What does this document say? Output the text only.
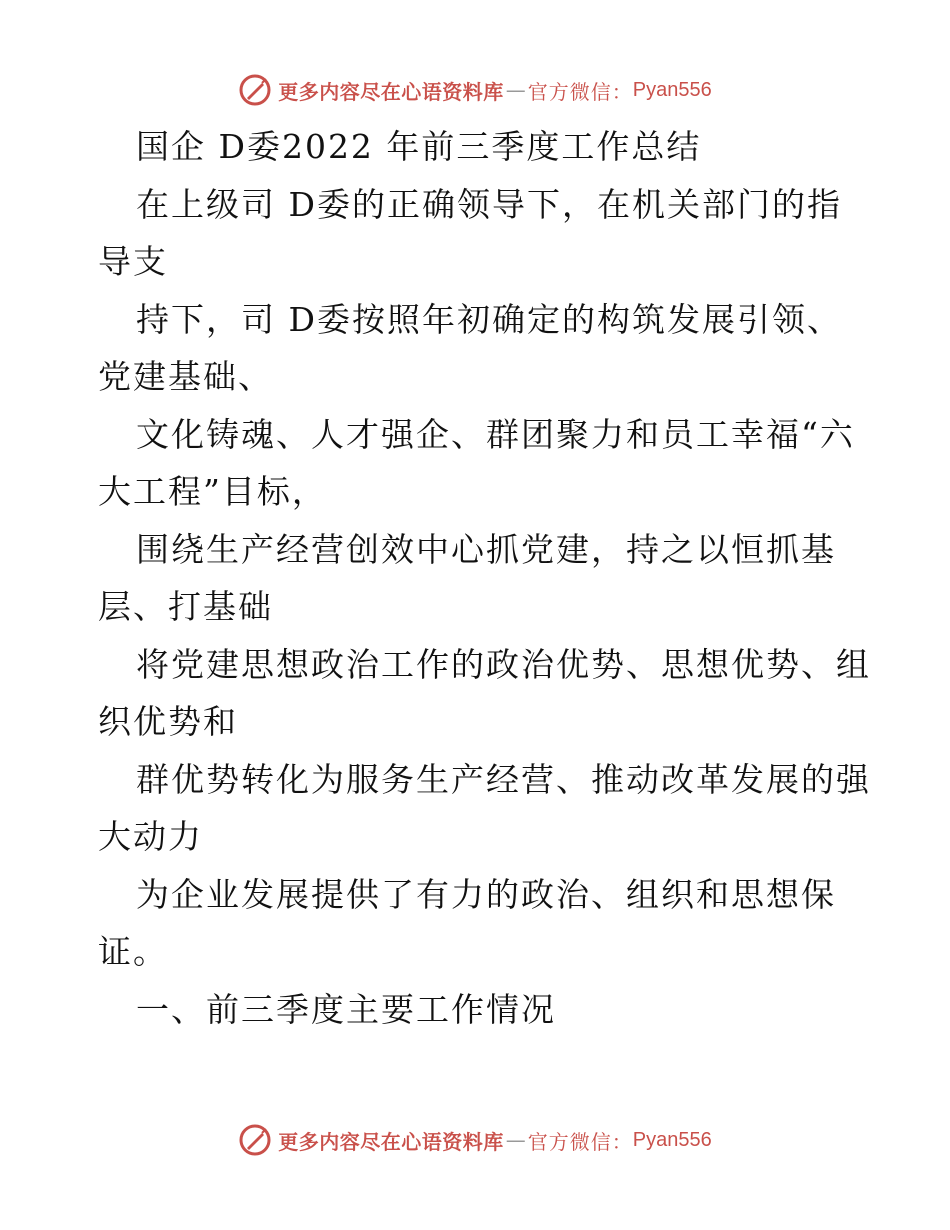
更多内容尽在心语资料库 — 官方微信： Pyan556
国企 D委2022 年前三季度工作总结
在上级司 D委的正确领导下，在机关部门的指
导支
持下，司 D委按照年初确定的构筑发展引领、
党建基础、
文化铸魂、人才强企、群团聚力和员工幸福“六
大工程”目标，
围绕生产经营创效中心抓党建，持之以恒抓基
层、打基础
将党建思想政治工作的政治优势、思想优势、组
织优势和
群优势转化为服务生产经营、推动改革发展的强
大动力
为企业发展提供了有力的政治、组织和思想保
证。
一、前三季度主要工作情况
更多内容尽在心语资料库 — 官方微信： Pyan556
